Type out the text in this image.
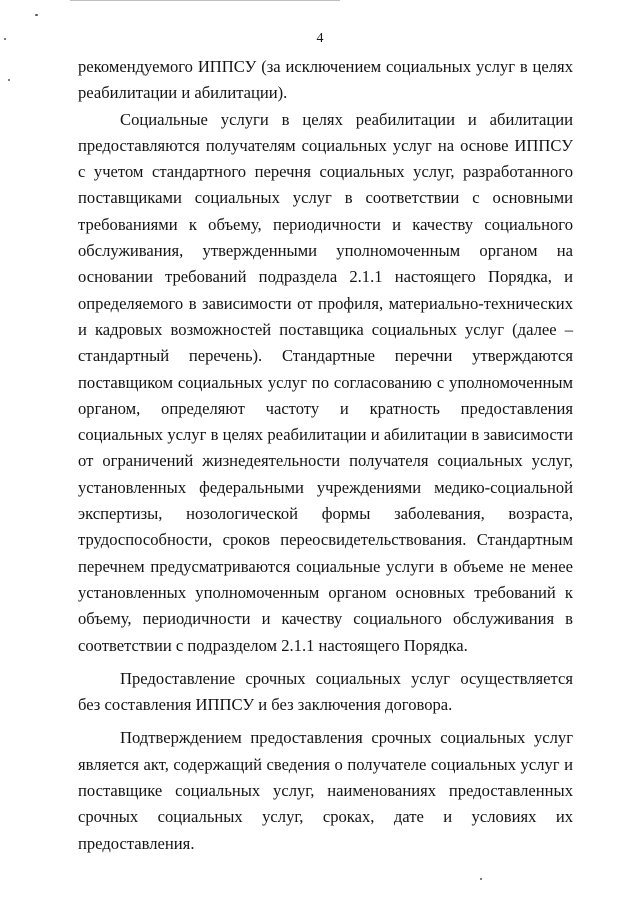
4

рекомендуемого ИППСУ (за исключением социальных услуг в целях реабилитации и абилитации).

Социальные услуги в целях реабилитации и абилитации предоставляются получателям социальных услуг на основе ИППСУ с учетом стандартного перечня социальных услуг, разработанного поставщиками социальных услуг в соответствии с основными требованиями к объему, периодичности и качеству социального обслуживания, утвержденными уполномоченным органом на основании требований подраздела 2.1.1 настоящего Порядка, и определяемого в зависимости от профиля, материально-технических и кадровых возможностей поставщика социальных услуг (далее – стандартный перечень). Стандартные перечни утверждаются поставщиком социальных услуг по согласованию с уполномоченным органом, определяют частоту и кратность предоставления социальных услуг в целях реабилитации и абилитации в зависимости от ограничений жизнедеятельности получателя социальных услуг, установленных федеральными учреждениями медико-социальной экспертизы, нозологической формы заболевания, возраста, трудоспособности, сроков переосвидетельствования. Стандартным перечнем предусматриваются социальные услуги в объеме не менее установленных уполномоченным органом основных требований к объему, периодичности и качеству социального обслуживания в соответствии с подразделом 2.1.1 настоящего Порядка.

Предоставление срочных социальных услуг осуществляется без составления ИППСУ и без заключения договора.

Подтверждением предоставления срочных социальных услуг является акт, содержащий сведения о получателе социальных услуг и поставщике социальных услуг, наименованиях предоставленных срочных социальных услуг, сроках, дате и условиях их предоставления.
